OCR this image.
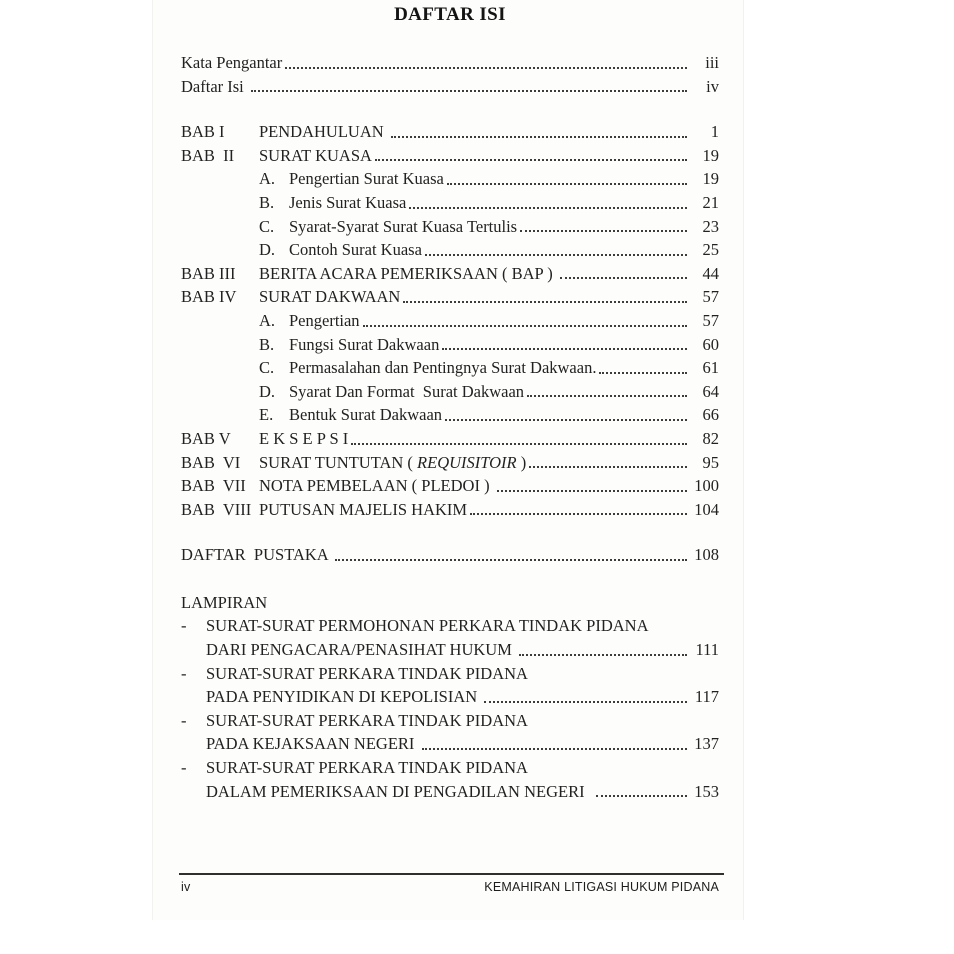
DAFTAR ISI
Kata Pengantar	iii
Daftar Isi	iv
BAB I	PENDAHULUAN	1
BAB  II	SURAT KUASA	19
A. Pengertian Surat Kuasa	19
B. Jenis Surat Kuasa	21
C. Syarat-Syarat Surat Kuasa Tertulis	23
D. Contoh Surat Kuasa	25
BAB III	BERITA ACARA PEMERIKSAAN ( BAP )	44
BAB IV	SURAT DAKWAAN	57
A. Pengertian	57
B. Fungsi Surat Dakwaan	60
C. Permasalahan dan Pentingnya Surat Dakwaan.	61
D. Syarat Dan Format  Surat Dakwaan	64
E. Bentuk Surat Dakwaan	66
BAB V	E K S E P S I	82
BAB  VI	SURAT TUNTUTAN ( REQUISITOIR )	95
BAB  VII NOTA PEMBELAAN ( PLEDOI )	100
BAB  VIII PUTUSAN MAJELIS HAKIM	104
DAFTAR  PUSTAKA	108
LAMPIRAN
-	SURAT-SURAT PERMOHONAN PERKARA TINDAK PIDANA
DARI PENGACARA/PENASIHAT HUKUM	111
-	SURAT-SURAT PERKARA TINDAK PIDANA
PADA PENYIDIKAN DI KEPOLISIAN	117
-	SURAT-SURAT PERKARA TINDAK PIDANA
PADA KEJAKSAAN NEGERI	137
-	SURAT-SURAT PERKARA TINDAK PIDANA
DALAM PEMERIKSAAN DI PENGADILAN NEGERI	153
iv	KEMAHIRAN LITIGASI HUKUM PIDANA
